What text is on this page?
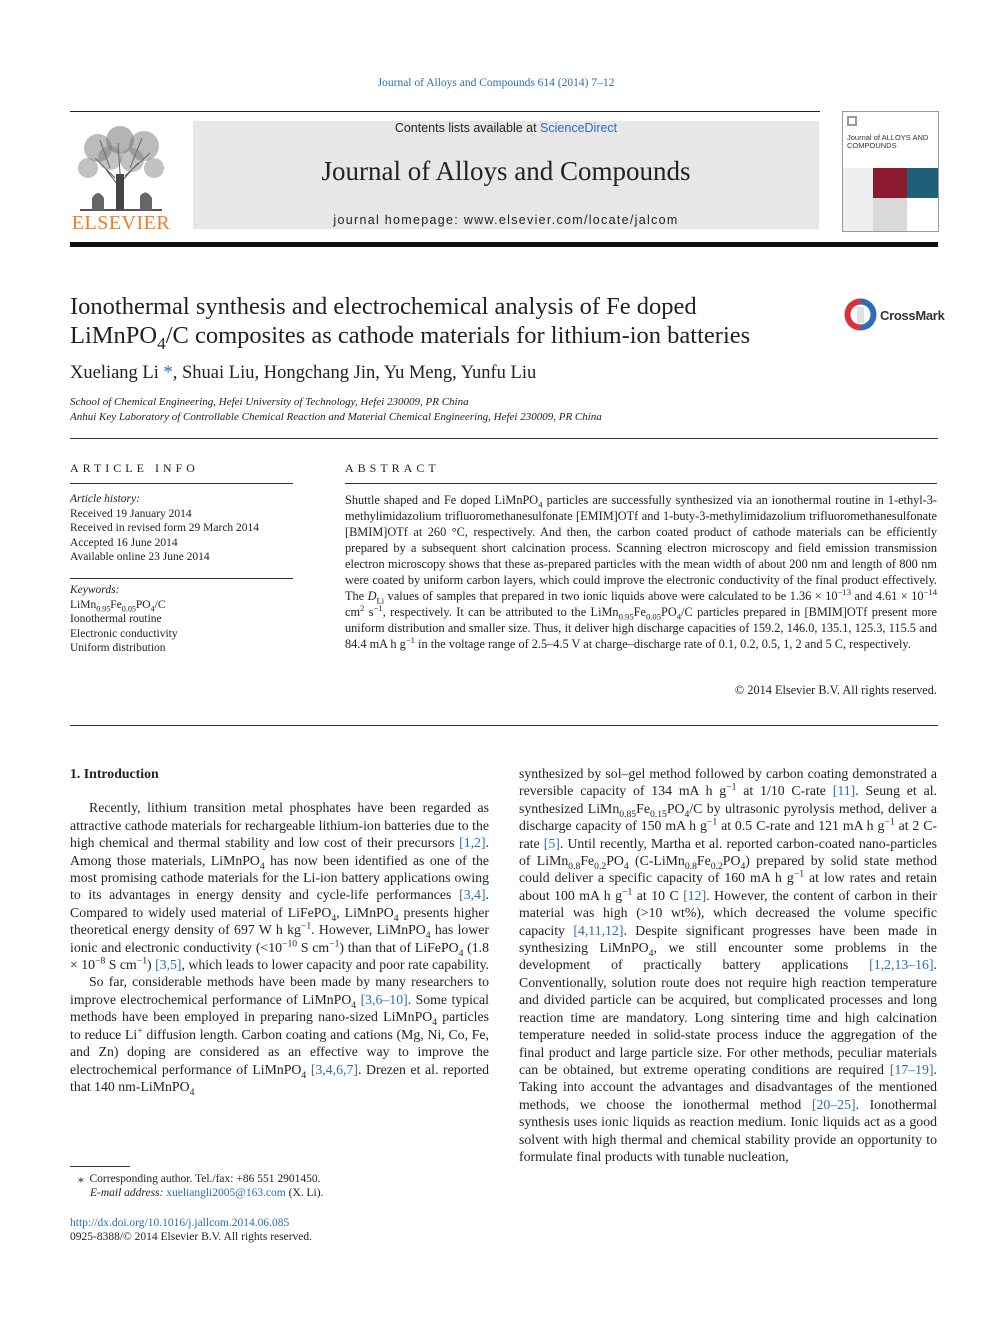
Journal of Alloys and Compounds 614 (2014) 7–12
ELSEVIER
Contents lists available at ScienceDirect
Journal of Alloys and Compounds
journal homepage: www.elsevier.com/locate/jalcom
Journal of ALLOYS AND COMPOUNDS
Ionothermal synthesis and electrochemical analysis of Fe doped
LiMnPO$_4$/C composites as cathode materials for lithium-ion batteries
CrossMark
Xueliang Li *, Shuai Liu, Hongchang Jin, Yu Meng, Yunfu Liu
School of Chemical Engineering, Hefei University of Technology, Hefei 230009, PR China
Anhui Key Laboratory of Controllable Chemical Reaction and Material Chemical Engineering, Hefei 230009, PR China
ARTICLE INFO
Article history:
Received 19 January 2014
Received in revised form 29 March 2014
Accepted 16 June 2014
Available online 23 June 2014
Keywords:
$LiMn_{0.95}Fe_{0.05}PO_4/C$
Ionothermal routine
Electronic conductivity
Uniform distribution
ABSTRACT
Shuttle shaped and Fe doped LiMnPO$_4$ particles are successfully synthesized via an ionothermal routine in 1-ethyl-3-methylimidazolium trifluoromethanesulfonate [EMIM]OTf and 1-buty-3-methylimidazolium trifluoromethanesulfonate [BMIM]OTf at 260 °C, respectively. And then, the carbon coated product of cathode materials can be efficiently prepared by a subsequent short calcination process. Scanning electron microscopy and field emission transmission electron microscopy shows that these as-prepared particles with the mean width of about 200 nm and length of 800 nm were coated by uniform carbon layers, which could improve the electronic conductivity of the final product effectively. The $D_{Li}$ values of samples that prepared in two ionic liquids above were calculated to be $1.36 \times 10^{-13}$ and $4.61 \times 10^{-14}$ $cm^2$ $s^{-1}$, respectively. It can be attributed to the $LiMn_{0.95}Fe_{0.05}PO_4/C$ particles prepared in [BMIM]OTf present more uniform distribution and smaller size. Thus, it deliver high discharge capacities of 159.2, 146.0, 135.1, 125.3, 115.5 and 84.4 mA h $g^{-1}$ in the voltage range of 2.5–4.5 V at charge–discharge rate of 0.1, 0.2, 0.5, 1, 2 and 5 C, respectively.
© 2014 Elsevier B.V. All rights reserved.
1. Introduction

Recently, lithium transition metal phosphates have been regarded as attractive cathode materials for rechargeable lithium-ion batteries due to the high chemical and thermal stability and low cost of their precursors [1,2]. Among those materials, LiMnPO$_4$ has now been identified as one of the most promising cathode materials for the Li-ion battery applications owing to its advantages in energy density and cycle-life performances [3,4]. Compared to widely used material of LiFePO$_4$, LiMnPO$_4$ presents higher theoretical energy density of 697 W h $kg^{-1}$. However, LiMnPO$_4$ has lower ionic and electronic conductivity ($<10^{-10}$ S $cm^{-1}$) than that of LiFePO$_4$ ($1.8 \times 10^{-8}$ S $cm^{-1}$) [3,5], which leads to lower capacity and poor rate capability.

So far, considerable methods have been made by many researchers to improve electrochemical performance of LiMnPO$_4$ [3,6–10]. Some typical methods have been employed in preparing nano-sized LiMnPO$_4$ particles to reduce Li+ diffusion length. Carbon coating and cations (Mg, Ni, Co, Fe, and Zn) doping are considered as an effective way to improve the electrochemical performance of LiMnPO$_4$ [3,4,6,7]. Drezen et al. reported that 140 nm-LiMnPO$_4$

synthesized by sol–gel method followed by carbon coating demonstrated a reversible capacity of 134 mA h $g^{-1}$ at 1/10 C-rate [11]. Seung et al. synthesized $LiMn_{0.85}Fe_{0.15}PO_4/C$ by ultrasonic pyrolysis method, deliver a discharge capacity of 150 mA h $g^{-1}$ at 0.5 C-rate and 121 mA h $g^{-1}$ at 2 C-rate [5]. Until recently, Martha et al. reported carbon-coated nano-particles of $LiMn_{0.8}Fe_{0.2}PO_4$ $(C-LiMn_{0.8}Fe_{0.2}PO_4)$ prepared by solid state method could deliver a specific capacity of 160 mA h $g^{-1}$ at low rates and retain about 100 mA h $g^{-1}$ at 10 C [12]. However, the content of carbon in their material was high (>10 wt%), which decreased the volume specific capacity [4,11,12]. Despite significant progresses have been made in synthesizing LiMnPO$_4$, we still encounter some problems in the development of practically battery applications [1,2,13–16]. Conventionally, solution route does not require high reaction temperature and divided particle can be acquired, but complicated processes and long reaction time are mandatory. Long sintering time and high calcination temperature needed in solid-state process induce the aggregation of the final product and large particle size. For other methods, peculiar materials can be obtained, but extreme operating conditions are required [17–19]. Taking into account the advantages and disadvantages of the mentioned methods, we choose the ionothermal method [20–25]. Ionothermal synthesis uses ionic liquids as reaction medium. Ionic liquids act as a good solvent with high thermal and chemical stability provide an opportunity to formulate final products with tunable nucleation,

⁎  Corresponding author. Tel./fax: +86 551 2901450.
E-mail address: xueliangli2005@163.com (X. Li).
http://dx.doi.org/10.1016/j.jallcom.2014.06.085
0925-8388/© 2014 Elsevier B.V. All rights reserved.
